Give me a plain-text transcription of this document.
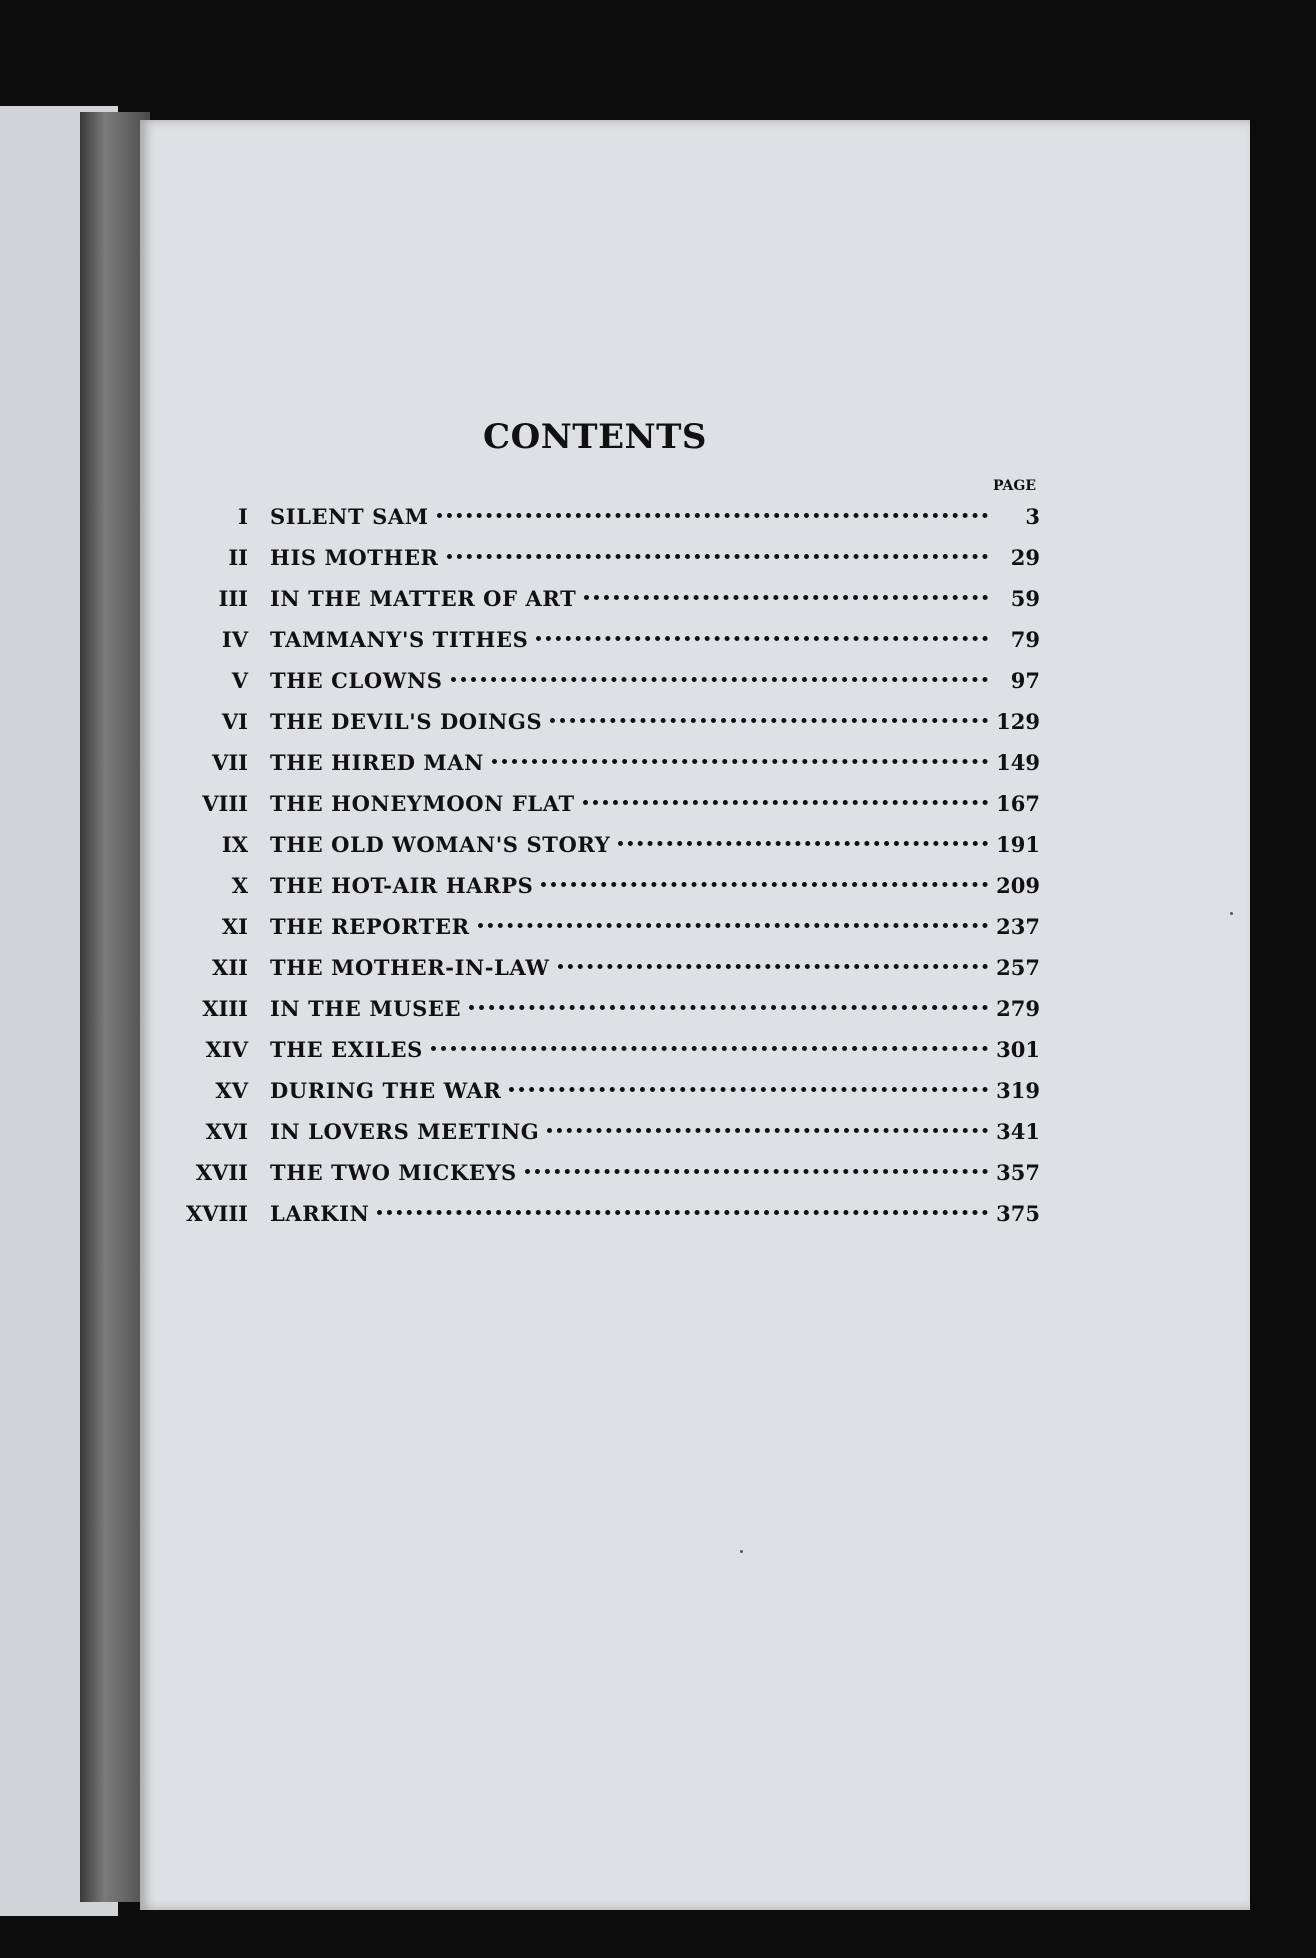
CONTENTS
PAGE
I SILENT SAM	3
II HIS MOTHER	29
III IN THE MATTER OF ART	59
IV TAMMANY'S TITHES	79
V THE CLOWNS	97
VI THE DEVIL'S DOINGS	129
VII THE HIRED MAN	149
VIII THE HONEYMOON FLAT	167
IX THE OLD WOMAN'S STORY	191
X THE HOT-AIR HARPS	209
XI THE REPORTER	237
XII THE MOTHER-IN-LAW	257
XIII IN THE MUSEE	279
XIV THE EXILES	301
XV DURING THE WAR	319
XVI IN LOVERS MEETING	341
XVII THE TWO MICKEYS	357
XVIII LARKIN	375
